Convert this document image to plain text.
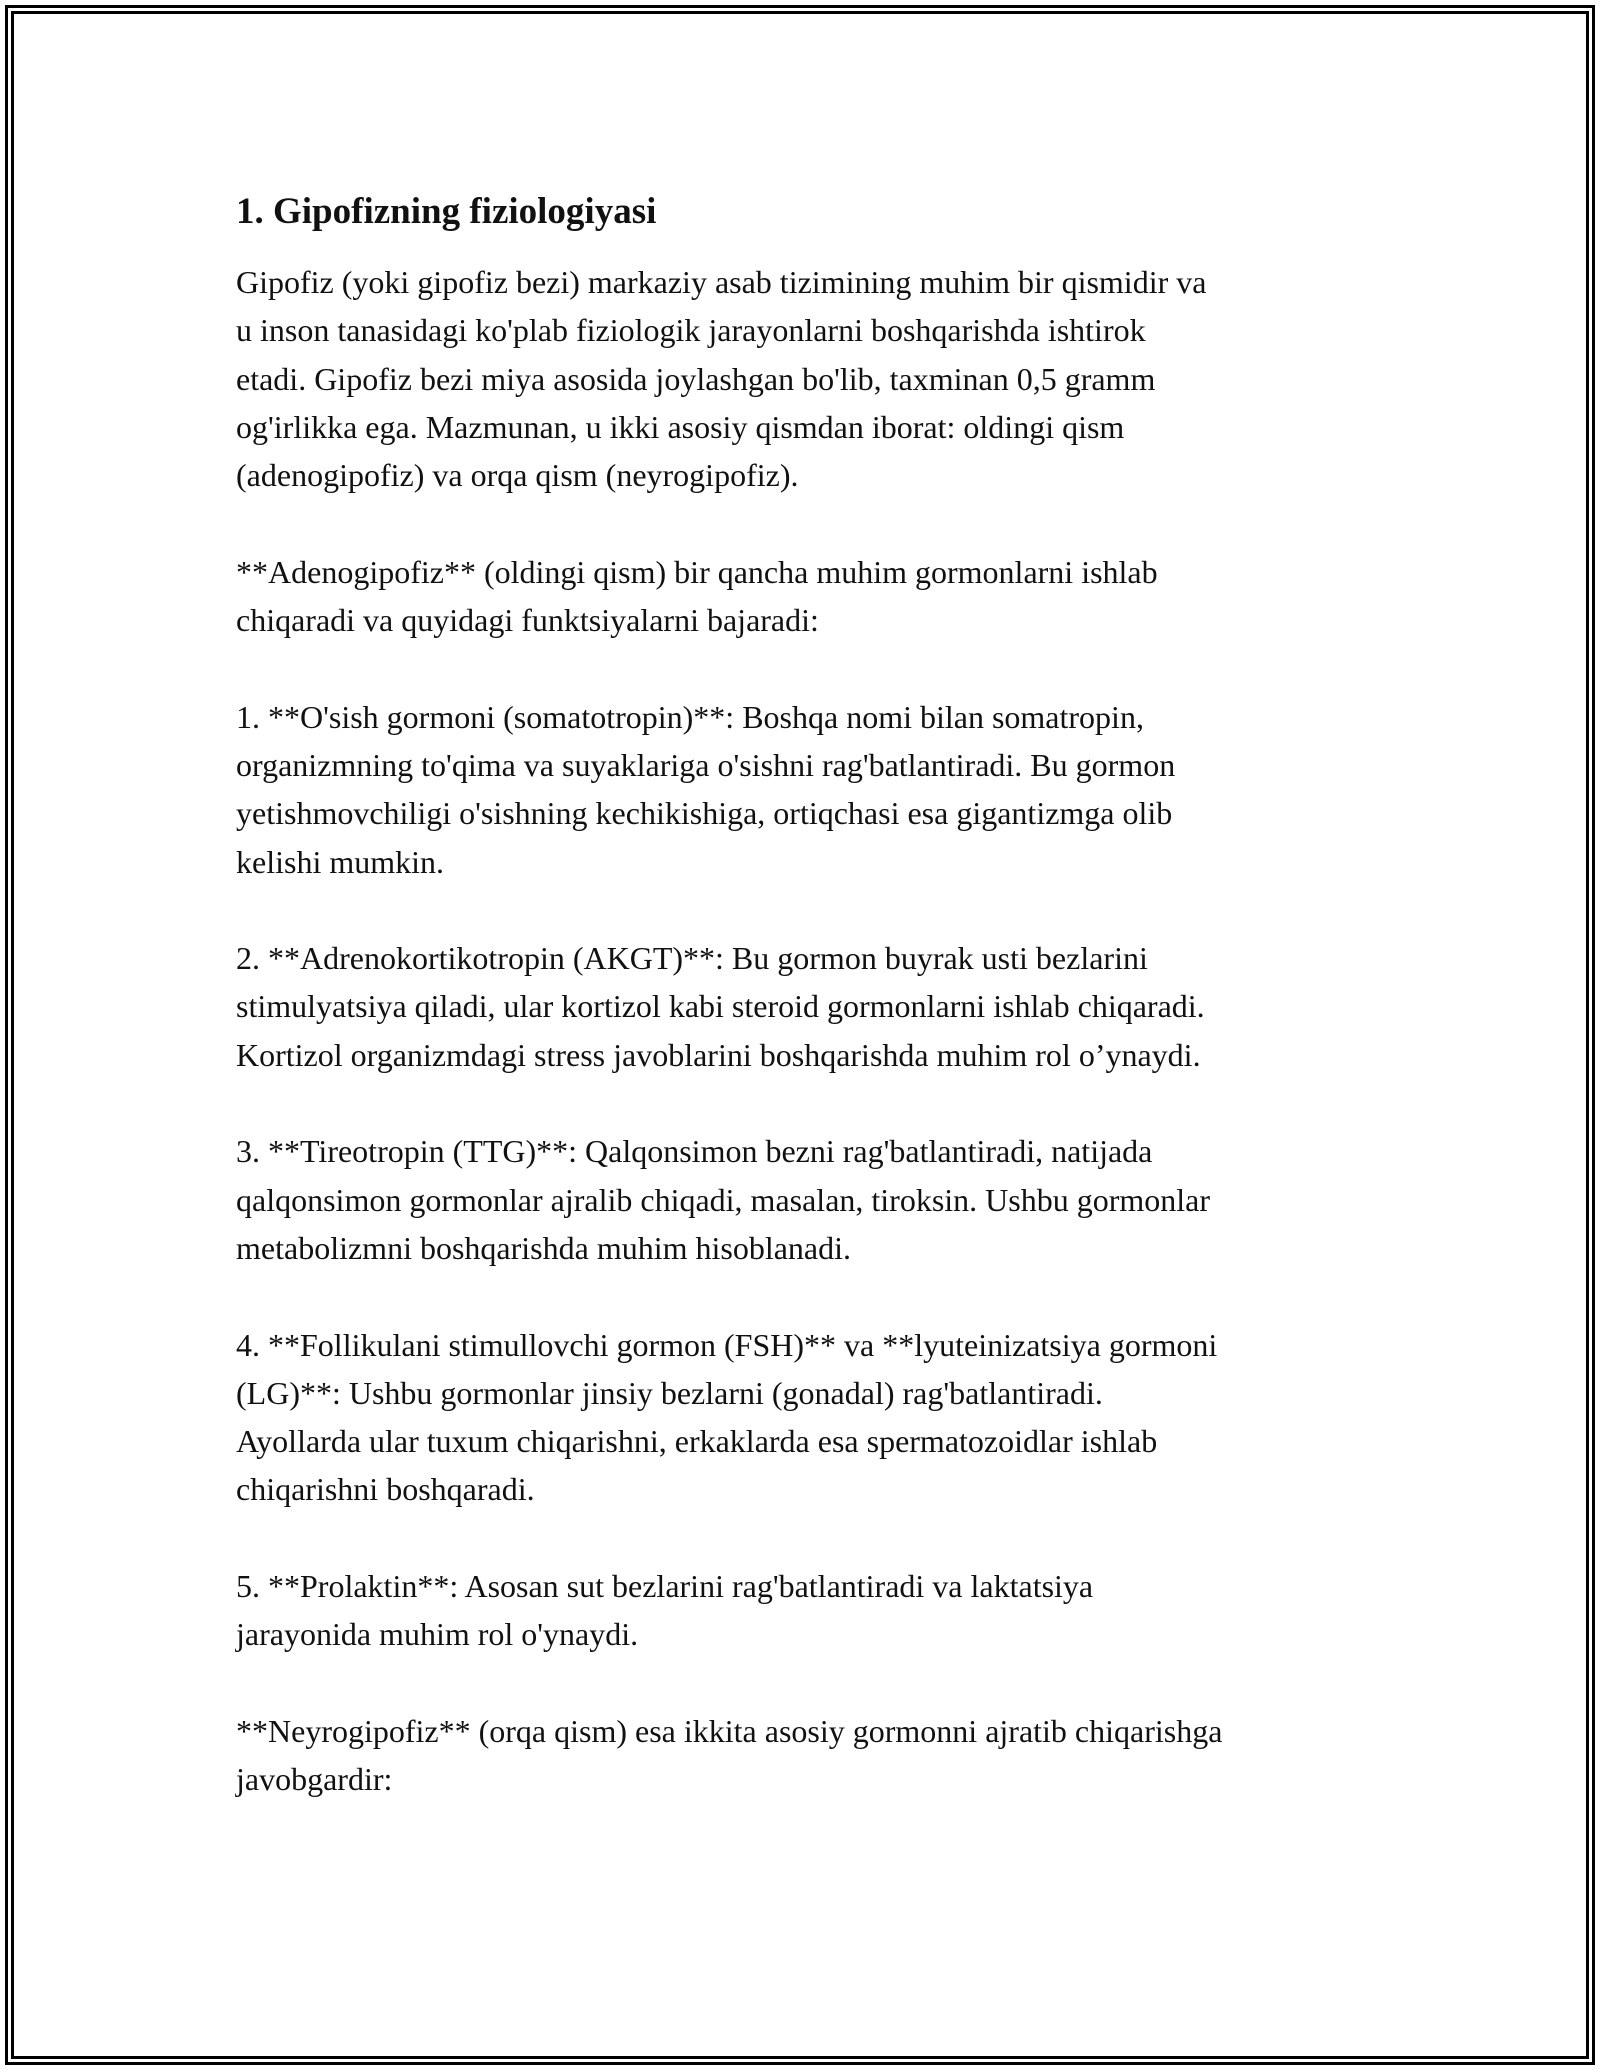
1. Gipofizning fiziologiyasi

Gipofiz (yoki gipofiz bezi) markaziy asab tizimining muhim bir qismidir va
u inson tanasidagi ko'plab fiziologik jarayonlarni boshqarishda ishtirok
etadi. Gipofiz bezi miya asosida joylashgan bo'lib, taxminan 0,5 gramm
og'irlikka ega. Mazmunan, u ikki asosiy qismdan iborat: oldingi qism
(adenogipofiz) va orqa qism (neyrogipofiz).

**Adenogipofiz** (oldingi qism) bir qancha muhim gormonlarni ishlab
chiqaradi va quyidagi funktsiyalarni bajaradi:

1. **O'sish gormoni (somatotropin)**: Boshqa nomi bilan somatropin,
organizmning to'qima va suyaklariga o'sishni rag'batlantiradi. Bu gormon
yetishmovchiligi o'sishning kechikishiga, ortiqchasi esa gigantizmga olib
kelishi mumkin.

2. **Adrenokortikotropin (AKGT)**: Bu gormon buyrak usti bezlarini
stimulyatsiya qiladi, ular kortizol kabi steroid gormonlarni ishlab chiqaradi.
Kortizol organizmdagi stress javoblarini boshqarishda muhim rol o’ynaydi.

3. **Tireotropin (TTG)**: Qalqonsimon bezni rag'batlantiradi, natijada
qalqonsimon gormonlar ajralib chiqadi, masalan, tiroksin. Ushbu gormonlar
metabolizmni boshqarishda muhim hisoblanadi.

4. **Follikulani stimullovchi gormon (FSH)** va **lyuteinizatsiya gormoni
(LG)**: Ushbu gormonlar jinsiy bezlarni (gonadal) rag'batlantiradi.
Ayollarda ular tuxum chiqarishni, erkaklarda esa spermatozoidlar ishlab
chiqarishni boshqaradi.

5. **Prolaktin**: Asosan sut bezlarini rag'batlantiradi va laktatsiya
jarayonida muhim rol o'ynaydi.

**Neyrogipofiz** (orqa qism) esa ikkita asosiy gormonni ajratib chiqarishga
javobgardir:
